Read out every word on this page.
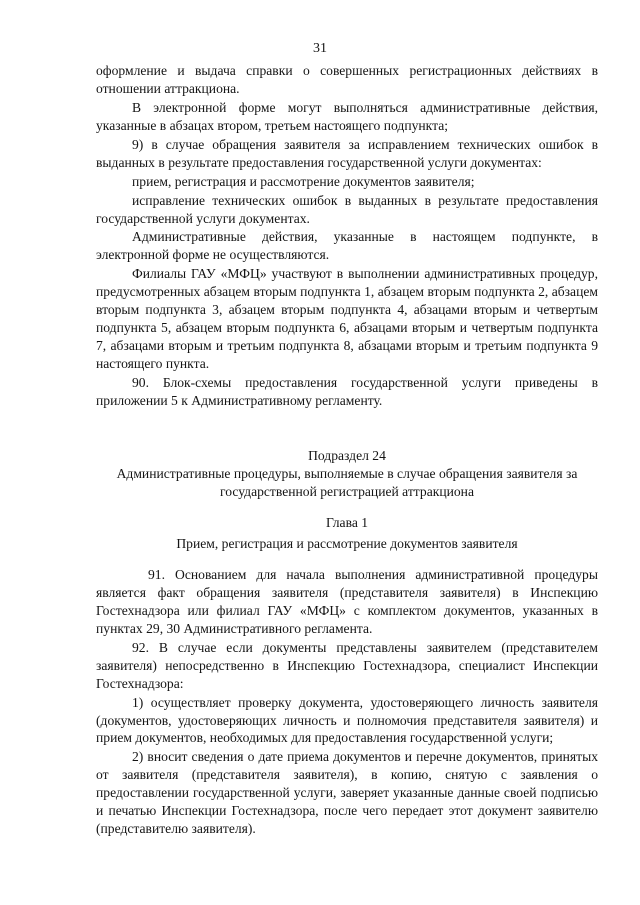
31

оформление и выдача справки о совершенных регистрационных действиях в отношении аттракциона.

В электронной форме могут выполняться административные действия, указанные в абзацах втором, третьем настоящего подпункта;

9) в случае обращения заявителя за исправлением технических ошибок в выданных в результате предоставления государственной услуги документах:

прием, регистрация и рассмотрение документов заявителя;

исправление технических ошибок в выданных в результате предоставления государственной услуги документах.

Административные действия, указанные в настоящем подпункте, в электронной форме не осуществляются.

Филиалы ГАУ «МФЦ» участвуют в выполнении административных процедур, предусмотренных абзацем вторым подпункта 1, абзацем вторым подпункта 2, абзацем вторым подпункта 3, абзацем вторым подпункта 4, абзацами вторым и четвертым подпункта 5, абзацем вторым подпункта 6, абзацами вторым и четвертым подпункта 7, абзацами вторым и третьим подпункта 8, абзацами вторым и третьим подпункта 9 настоящего пункта.

90. Блок-схемы предоставления государственной услуги приведены в приложении 5 к Административному регламенту.

Подраздел 24

Административные процедуры, выполняемые в случае обращения заявителя за государственной регистрацией аттракциона

Глава 1

Прием, регистрация и рассмотрение документов заявителя

91. Основанием для начала выполнения административной процедуры является факт обращения заявителя (представителя заявителя) в Инспекцию Гостехнадзора или филиал ГАУ «МФЦ» с комплектом документов, указанных в пунктах 29, 30 Административного регламента.

92. В случае если документы представлены заявителем (представителем заявителя) непосредственно в Инспекцию Гостехнадзора, специалист Инспекции Гостехнадзора:

1) осуществляет проверку документа, удостоверяющего личность заявителя (документов, удостоверяющих личность и полномочия представителя заявителя) и прием документов, необходимых для предоставления государственной услуги;

2) вносит сведения о дате приема документов и перечне документов, принятых от заявителя (представителя заявителя), в копию, снятую с заявления о предоставлении государственной услуги, заверяет указанные данные своей подписью и печатью Инспекции Гостехнадзора, после чего передает этот документ заявителю (представителю заявителя).
